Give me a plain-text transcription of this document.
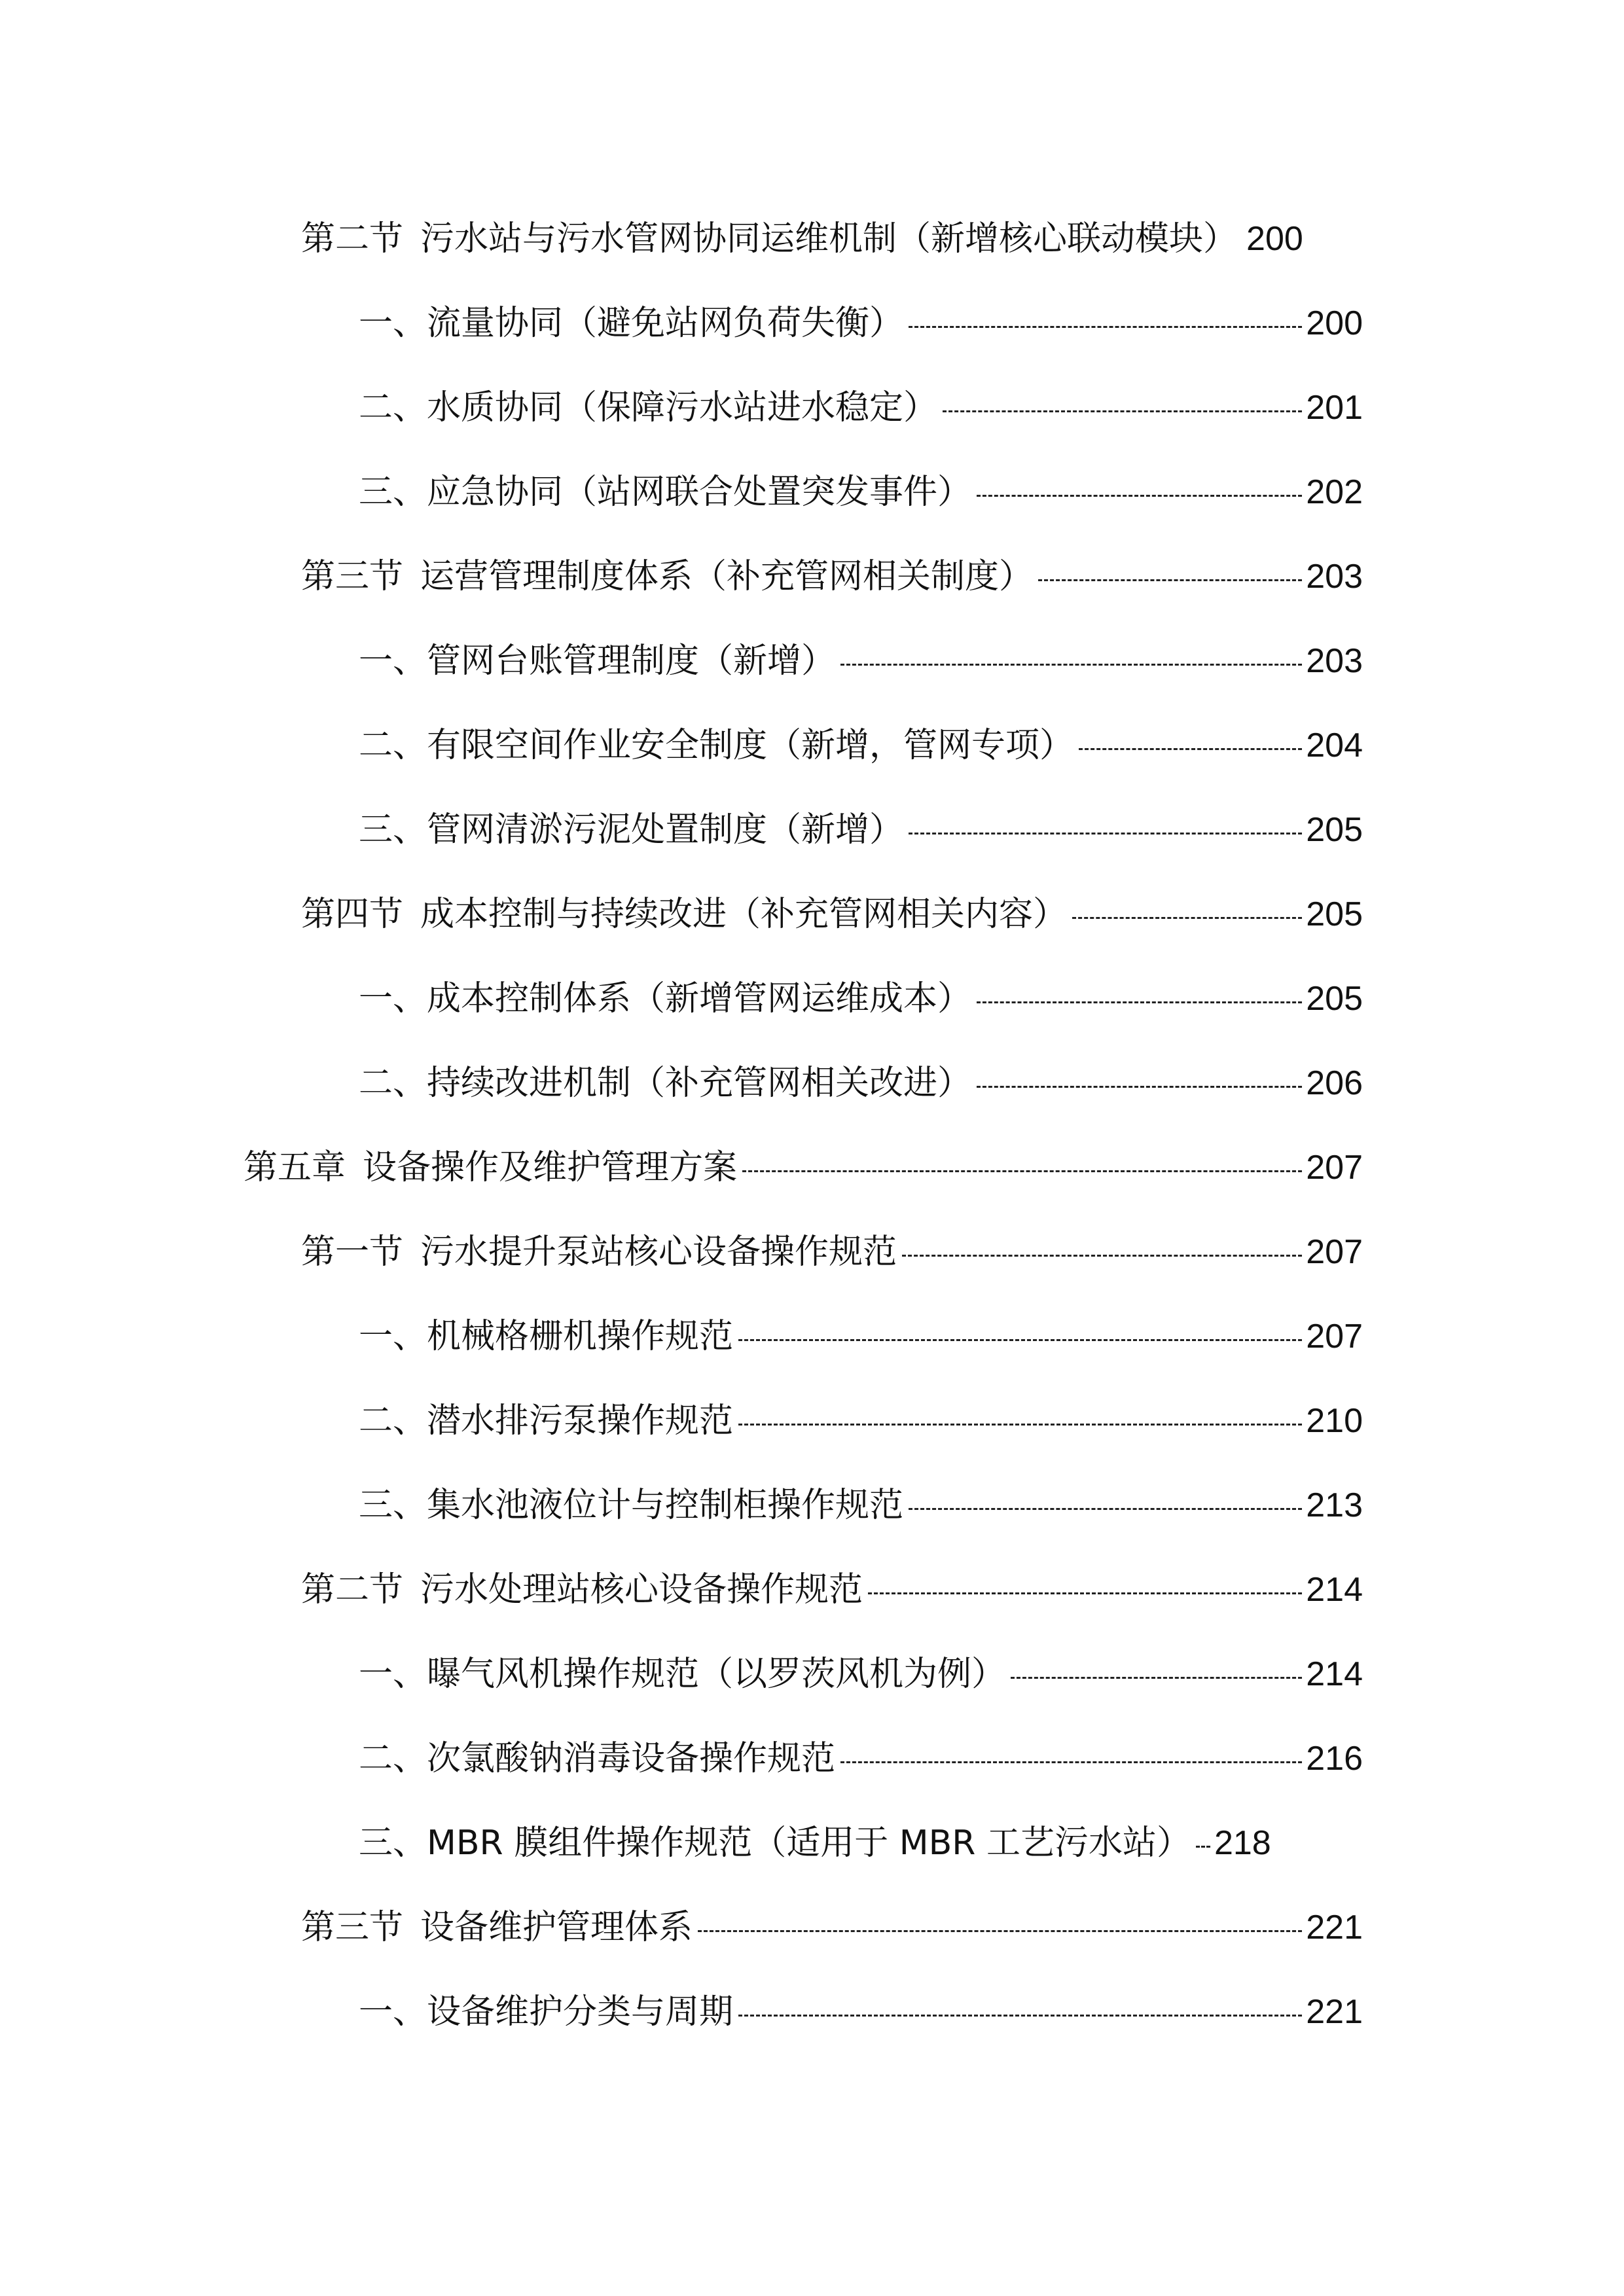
第二节 污水站与污水管网协同运维机制（新增核心联动模块） 200
一、 流量协同（避免站网负荷失衡）	200
二、 水质协同（保障污水站进水稳定）	201
三、 应急协同（站网联合处置突发事件）	202
第三节 运营管理制度体系（补充管网相关制度）	203
一、 管网台账管理制度（新增）	203
二、 有限空间作业安全制度（新增，管网专项）	204
三、 管网清淤污泥处置制度（新增）	205
第四节 成本控制与持续改进（补充管网相关内容）	205
一、 成本控制体系（新增管网运维成本）	205
二、 持续改进机制（补充管网相关改进）	206
第五章 设备操作及维护管理方案	207
第一节 污水提升泵站核心设备操作规范	207
一、 机械格栅机操作规范	207
二、 潜水排污泵操作规范	210
三、 集水池液位计与控制柜操作规范	213
第二节 污水处理站核心设备操作规范	214
一、 曝气风机操作规范（以罗茨风机为例）	214
二、 次氯酸钠消毒设备操作规范	216
三、 MBR 膜组件操作规范（适用于 MBR 工艺污水站） 218
第三节 设备维护管理体系	221
一、 设备维护分类与周期	221
